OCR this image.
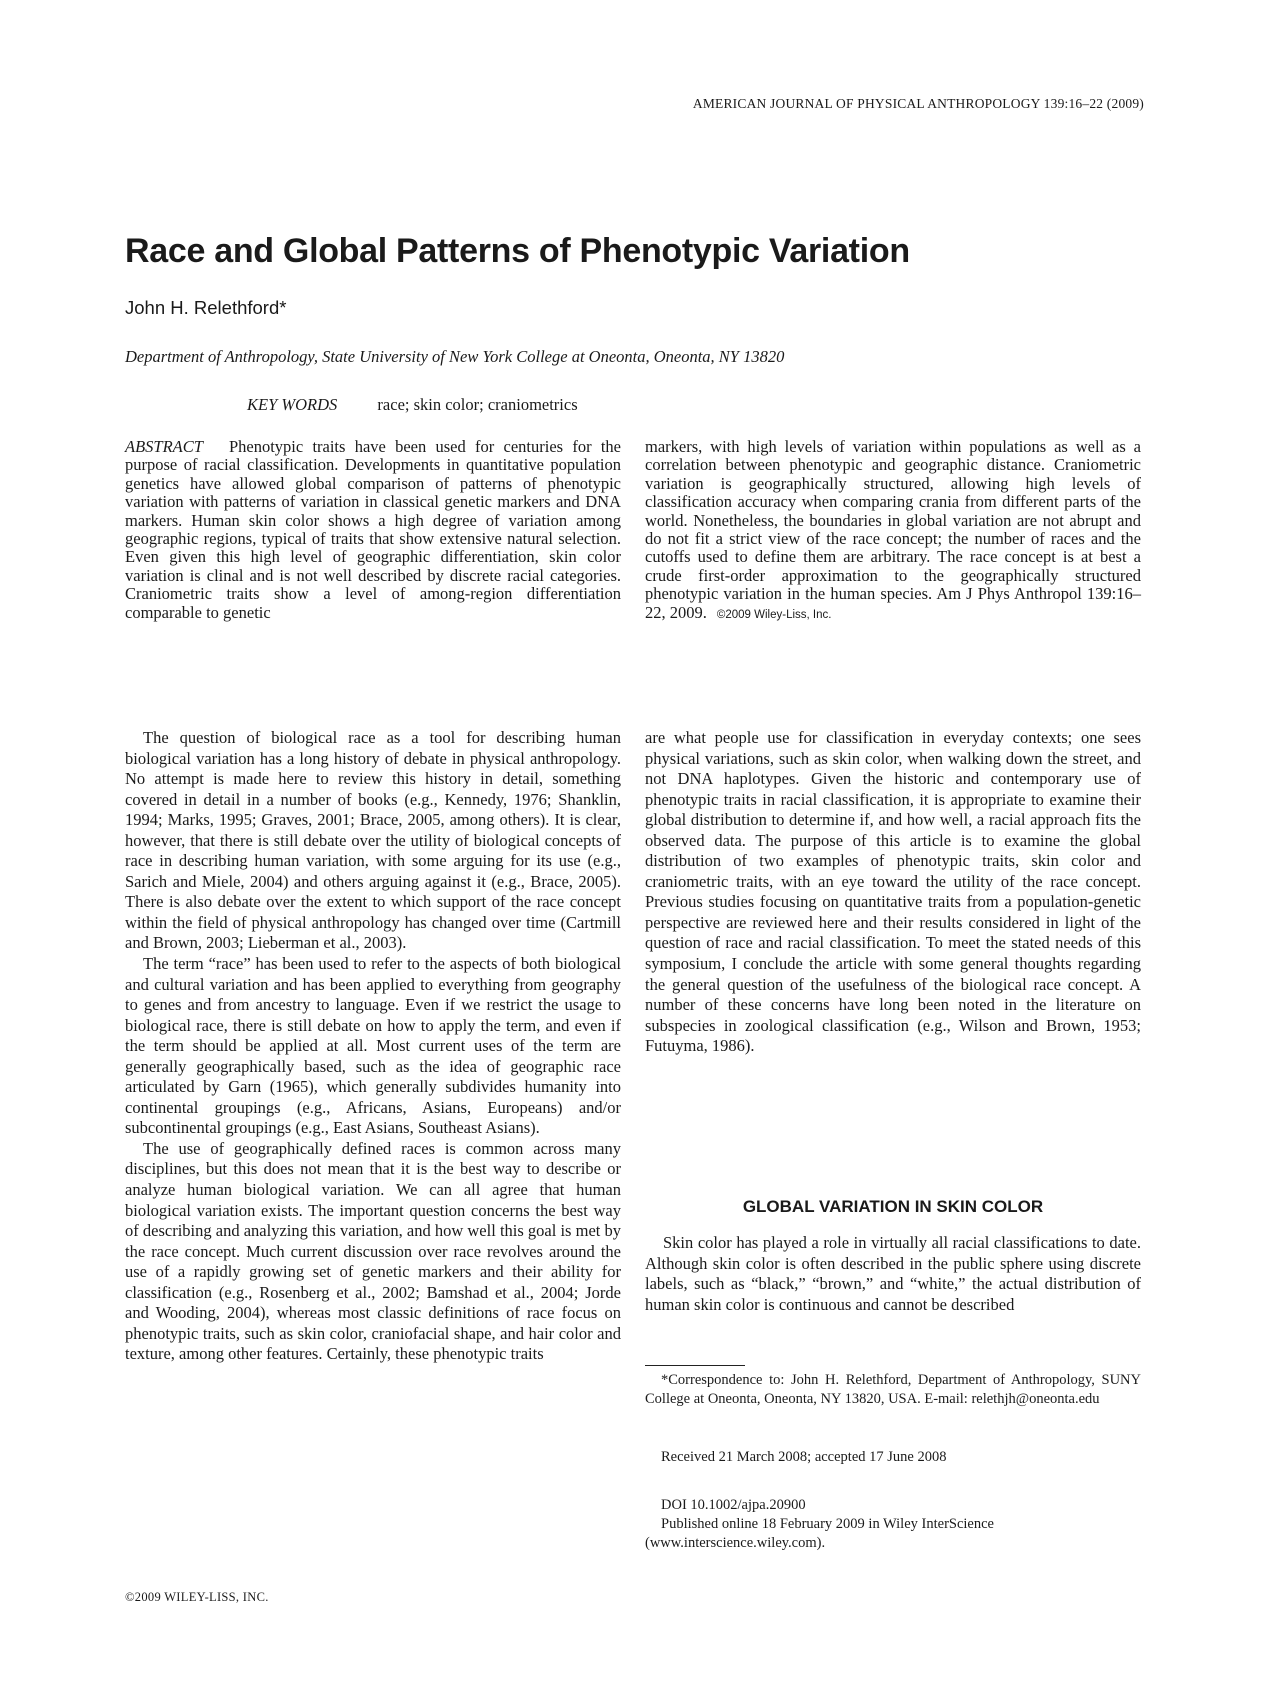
AMERICAN JOURNAL OF PHYSICAL ANTHROPOLOGY 139:16–22 (2009)
Race and Global Patterns of Phenotypic Variation
John H. Relethford*
Department of Anthropology, State University of New York College at Oneonta, Oneonta, NY 13820
KEY WORDS race; skin color; craniometrics

ABSTRACT Phenotypic traits have been used for centuries for the purpose of racial classification. Developments in quantitative population genetics have allowed global comparison of patterns of phenotypic variation with patterns of variation in classical genetic markers and DNA markers. Human skin color shows a high degree of variation among geographic regions, typical of traits that show extensive natural selection. Even given this high level of geographic differentiation, skin color variation is clinal and is not well described by discrete racial categories. Craniometric traits show a level of among-region differentiation comparable to genetic

markers, with high levels of variation within populations as well as a correlation between phenotypic and geographic distance. Craniometric variation is geographically structured, allowing high levels of classification accuracy when comparing crania from different parts of the world. Nonetheless, the boundaries in global variation are not abrupt and do not fit a strict view of the race concept; the number of races and the cutoffs used to define them are arbitrary. The race concept is at best a crude first-order approximation to the geographically structured phenotypic variation in the human species. Am J Phys Anthropol 139:16–22, 2009. ©2009 Wiley-Liss, Inc.

The question of biological race as a tool for describing human biological variation has a long history of debate in physical anthropology. No attempt is made here to review this history in detail, something covered in detail in a number of books (e.g., Kennedy, 1976; Shanklin, 1994; Marks, 1995; Graves, 2001; Brace, 2005, among others). It is clear, however, that there is still debate over the utility of biological concepts of race in describing human variation, with some arguing for its use (e.g., Sarich and Miele, 2004) and others arguing against it (e.g., Brace, 2005). There is also debate over the extent to which support of the race concept within the field of physical anthropology has changed over time (Cartmill and Brown, 2003; Lieberman et al., 2003).

The term “race” has been used to refer to the aspects of both biological and cultural variation and has been applied to everything from geography to genes and from ancestry to language. Even if we restrict the usage to biological race, there is still debate on how to apply the term, and even if the term should be applied at all. Most current uses of the term are generally geographically based, such as the idea of geographic race articulated by Garn (1965), which generally subdivides humanity into continental groupings (e.g., Africans, Asians, Europeans) and/or subcontinental groupings (e.g., East Asians, Southeast Asians).

The use of geographically defined races is common across many disciplines, but this does not mean that it is the best way to describe or analyze human biological variation. We can all agree that human biological variation exists. The important question concerns the best way of describing and analyzing this variation, and how well this goal is met by the race concept. Much current discussion over race revolves around the use of a rapidly growing set of genetic markers and their ability for classification (e.g., Rosenberg et al., 2002; Bamshad et al., 2004; Jorde and Wooding, 2004), whereas most classic definitions of race focus on phenotypic traits, such as skin color, craniofacial shape, and hair color and texture, among other features. Certainly, these phenotypic traits

are what people use for classification in everyday contexts; one sees physical variations, such as skin color, when walking down the street, and not DNA haplotypes. Given the historic and contemporary use of phenotypic traits in racial classification, it is appropriate to examine their global distribution to determine if, and how well, a racial approach fits the observed data. The purpose of this article is to examine the global distribution of two examples of phenotypic traits, skin color and craniometric traits, with an eye toward the utility of the race concept. Previous studies focusing on quantitative traits from a population-genetic perspective are reviewed here and their results considered in light of the question of race and racial classification. To meet the stated needs of this symposium, I conclude the article with some general thoughts regarding the general question of the usefulness of the biological race concept. A number of these concerns have long been noted in the literature on subspecies in zoological classification (e.g., Wilson and Brown, 1953; Futuyma, 1986).

GLOBAL VARIATION IN SKIN COLOR

Skin color has played a role in virtually all racial classifications to date. Although skin color is often described in the public sphere using discrete labels, such as “black,” “brown,” and “white,” the actual distribution of human skin color is continuous and cannot be described

*Correspondence to: John H. Relethford, Department of Anthropology, SUNY College at Oneonta, Oneonta, NY 13820, USA. E-mail: relethjh@oneonta.edu

Received 21 March 2008; accepted 17 June 2008

DOI 10.1002/ajpa.20900

Published online 18 February 2009 in Wiley InterScience (www.interscience.wiley.com).

©2009 WILEY-LISS, INC.
